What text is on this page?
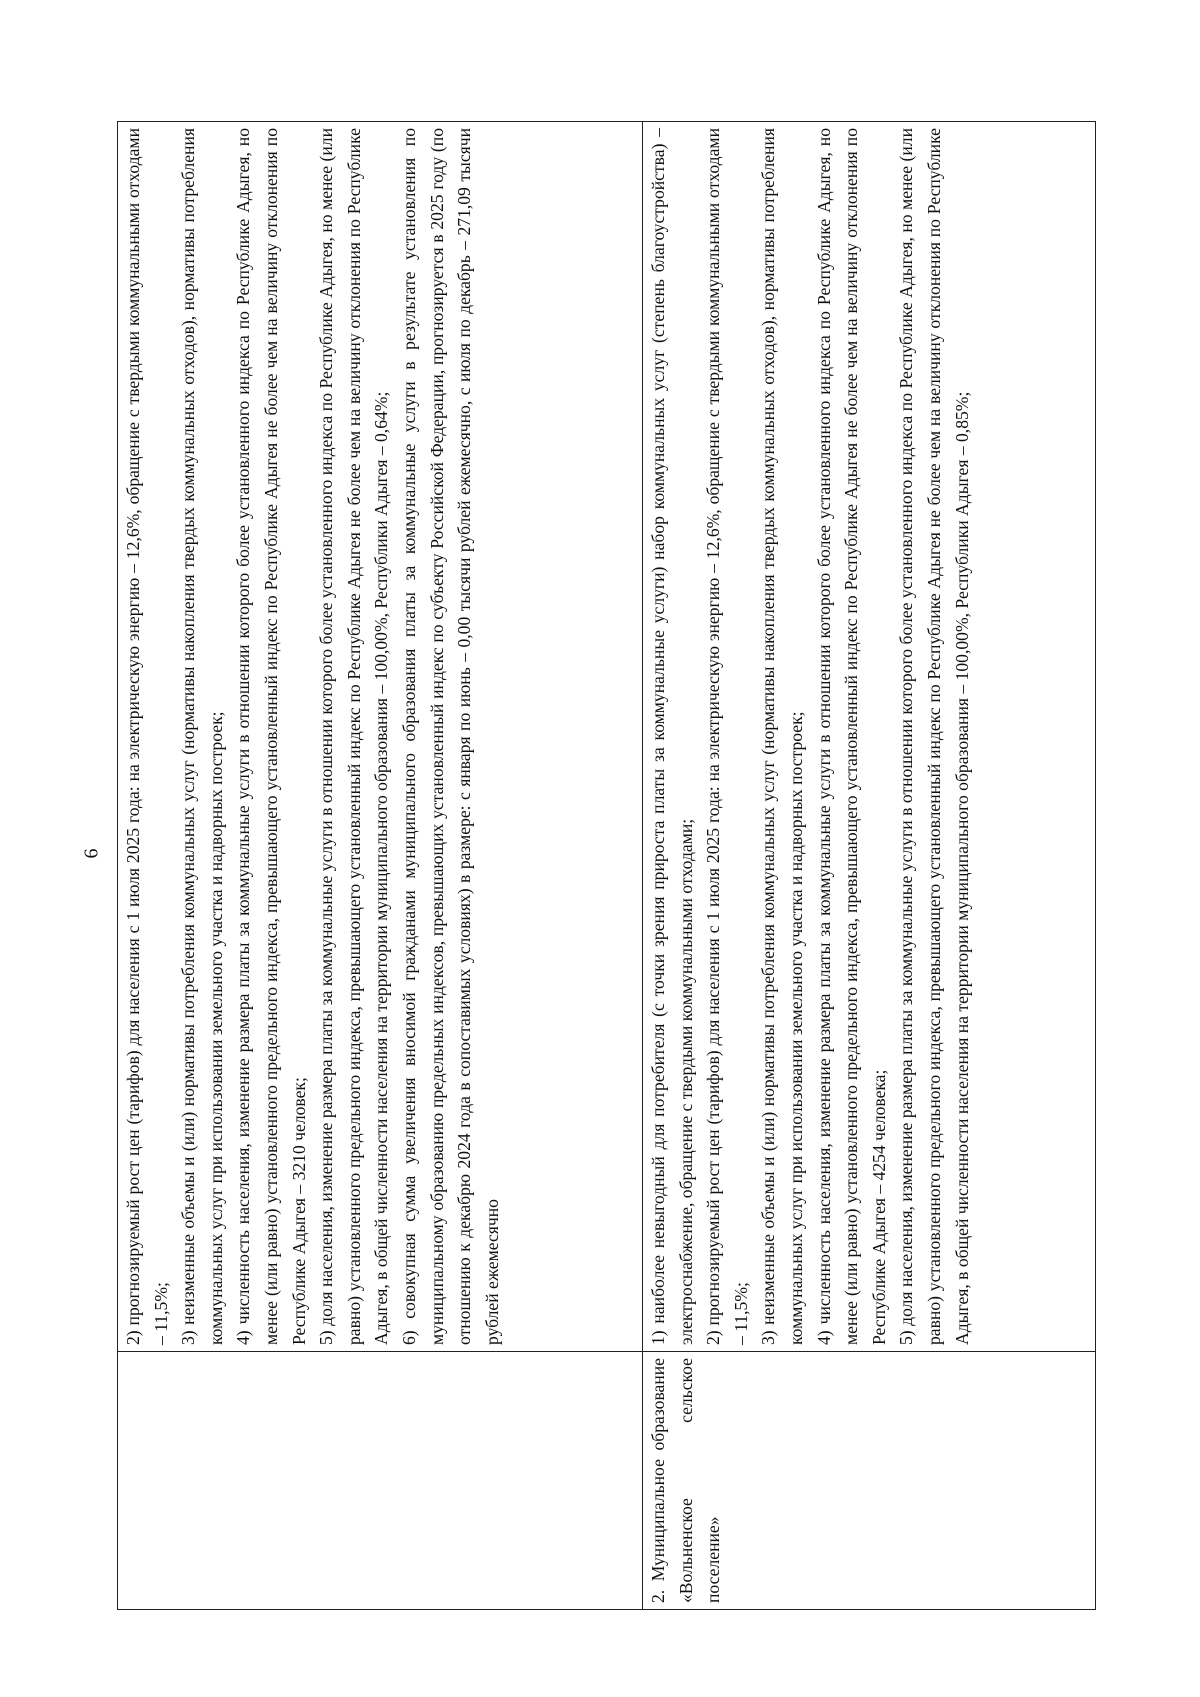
6

	2) прогнозируемый рост цен (тарифов) для населения с 1 июля 2025 года: на электрическую энергию – 12,6%, обращение с твердыми коммунальными отходами – 11,5%; 3) неизменные объемы и (или) нормативы потребления коммунальных услуг (нормативы накопления твердых коммунальных отходов), нормативы потребления коммунальных услуг при использовании земельного участка и надворных построек; 4) численность населения, изменение размера платы за коммунальные услуги в отношении которого более установленного индекса по Республике Адыгея, но менее (или равно) установленного предельного индекса, превышающего установленный индекс по Республике Адыгея не более чем на величину отклонения по Республике Адыгея – 3210 человек; 5) доля населения, изменение размера платы за коммунальные услуги в отношении которого более установленного индекса по Республике Адыгея, но менее (или равно) установленного предельного индекса, превышающего установленный индекс по Республике Адыгея не более чем на величину отклонения по Республике Адыгея, в общей численности населения на территории муниципального образования – 100,00%, Республики Адыгея – 0,64%; 6) совокупная сумма увеличения вносимой гражданами муниципального образования платы за коммунальные услуги в результате установления по муниципальному образованию предельных индексов, превышающих установленный индекс по субъекту Российской Федерации, прогнозируется в 2025 году (по отношению к декабрю 2024 года в сопоставимых условиях) в размере: с января по июнь – 0,00 тысячи рублей ежемесячно, с июля по декабрь – 271,09 тысячи рублей ежемесячно

2. Муниципальное образование «Вольненское сельское поселение»	1) наиболее невыгодный для потребителя (с точки зрения прироста платы за коммунальные услуги) набор коммунальных услуг (степень благоустройства) – электроснабжение, обращение с твердыми коммунальными отходами; 2) прогнозируемый рост цен (тарифов) для населения с 1 июля 2025 года: на электрическую энергию – 12,6%, обращение с твердыми коммунальными отходами – 11,5%; 3) неизменные объемы и (или) нормативы потребления коммунальных услуг (нормативы накопления твердых коммунальных отходов), нормативы потребления коммунальных услуг при использовании земельного участка и надворных построек; 4) численность населения, изменение размера платы за коммунальные услуги в отношении которого более установленного индекса по Республике Адыгея, но менее (или равно) установленного предельного индекса, превышающего установленный индекс по Республике Адыгея не более чем на величину отклонения по Республике Адыгея – 4254 человека; 5) доля населения, изменение размера платы за коммунальные услуги в отношении которого более установленного индекса по Республике Адыгея, но менее (или равно) установленного предельного индекса, превышающего установленный индекс по Республике Адыгея не более чем на величину отклонения по Республике Адыгея, в общей численности населения на территории муниципального образования – 100,00%, Республики Адыгея – 0,85%;
